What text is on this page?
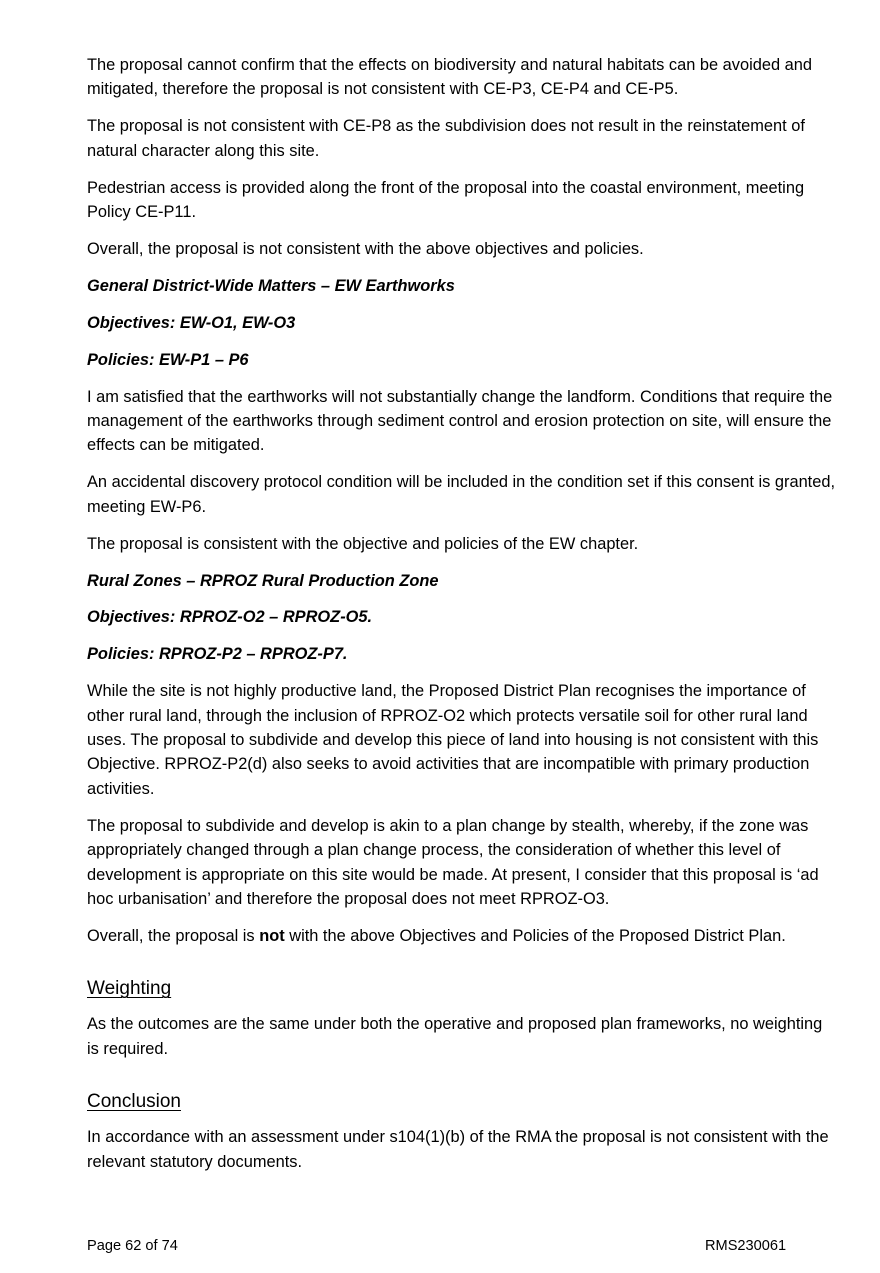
The proposal cannot confirm that the effects on biodiversity and natural habitats can be avoided and mitigated, therefore the proposal is not consistent with CE-P3, CE-P4 and CE-P5.

The proposal is not consistent with CE-P8 as the subdivision does not result in the reinstatement of natural character along this site.

Pedestrian access is provided along the front of the proposal into the coastal environment, meeting Policy CE-P11.

Overall, the proposal is not consistent with the above objectives and policies.

General District-Wide Matters – EW Earthworks

Objectives: EW-O1, EW-O3

Policies: EW-P1 – P6

I am satisfied that the earthworks will not substantially change the landform. Conditions that require the management of the earthworks through sediment control and erosion protection on site, will ensure the effects can be mitigated.

An accidental discovery protocol condition will be included in the condition set if this consent is granted, meeting EW-P6.

The proposal is consistent with the objective and policies of the EW chapter.

Rural Zones – RPROZ Rural Production Zone

Objectives: RPROZ-O2 – RPROZ-O5.

Policies: RPROZ-P2 – RPROZ-P7.

While the site is not highly productive land, the Proposed District Plan recognises the importance of other rural land, through the inclusion of RPROZ-O2 which protects versatile soil for other rural land uses. The proposal to subdivide and develop this piece of land into housing is not consistent with this Objective. RPROZ-P2(d) also seeks to avoid activities that are incompatible with primary production activities.

The proposal to subdivide and develop is akin to a plan change by stealth, whereby, if the zone was appropriately changed through a plan change process, the consideration of whether this level of development is appropriate on this site would be made. At present, I consider that this proposal is ‘ad hoc urbanisation’ and therefore the proposal does not meet RPROZ-O3.

Overall, the proposal is not with the above Objectives and Policies of the Proposed District Plan.

Weighting

As the outcomes are the same under both the operative and proposed plan frameworks, no weighting is required.

Conclusion

In accordance with an assessment under s104(1)(b) of the RMA the proposal is not consistent with the relevant statutory documents.

Page 62 of 74	RMS230061
